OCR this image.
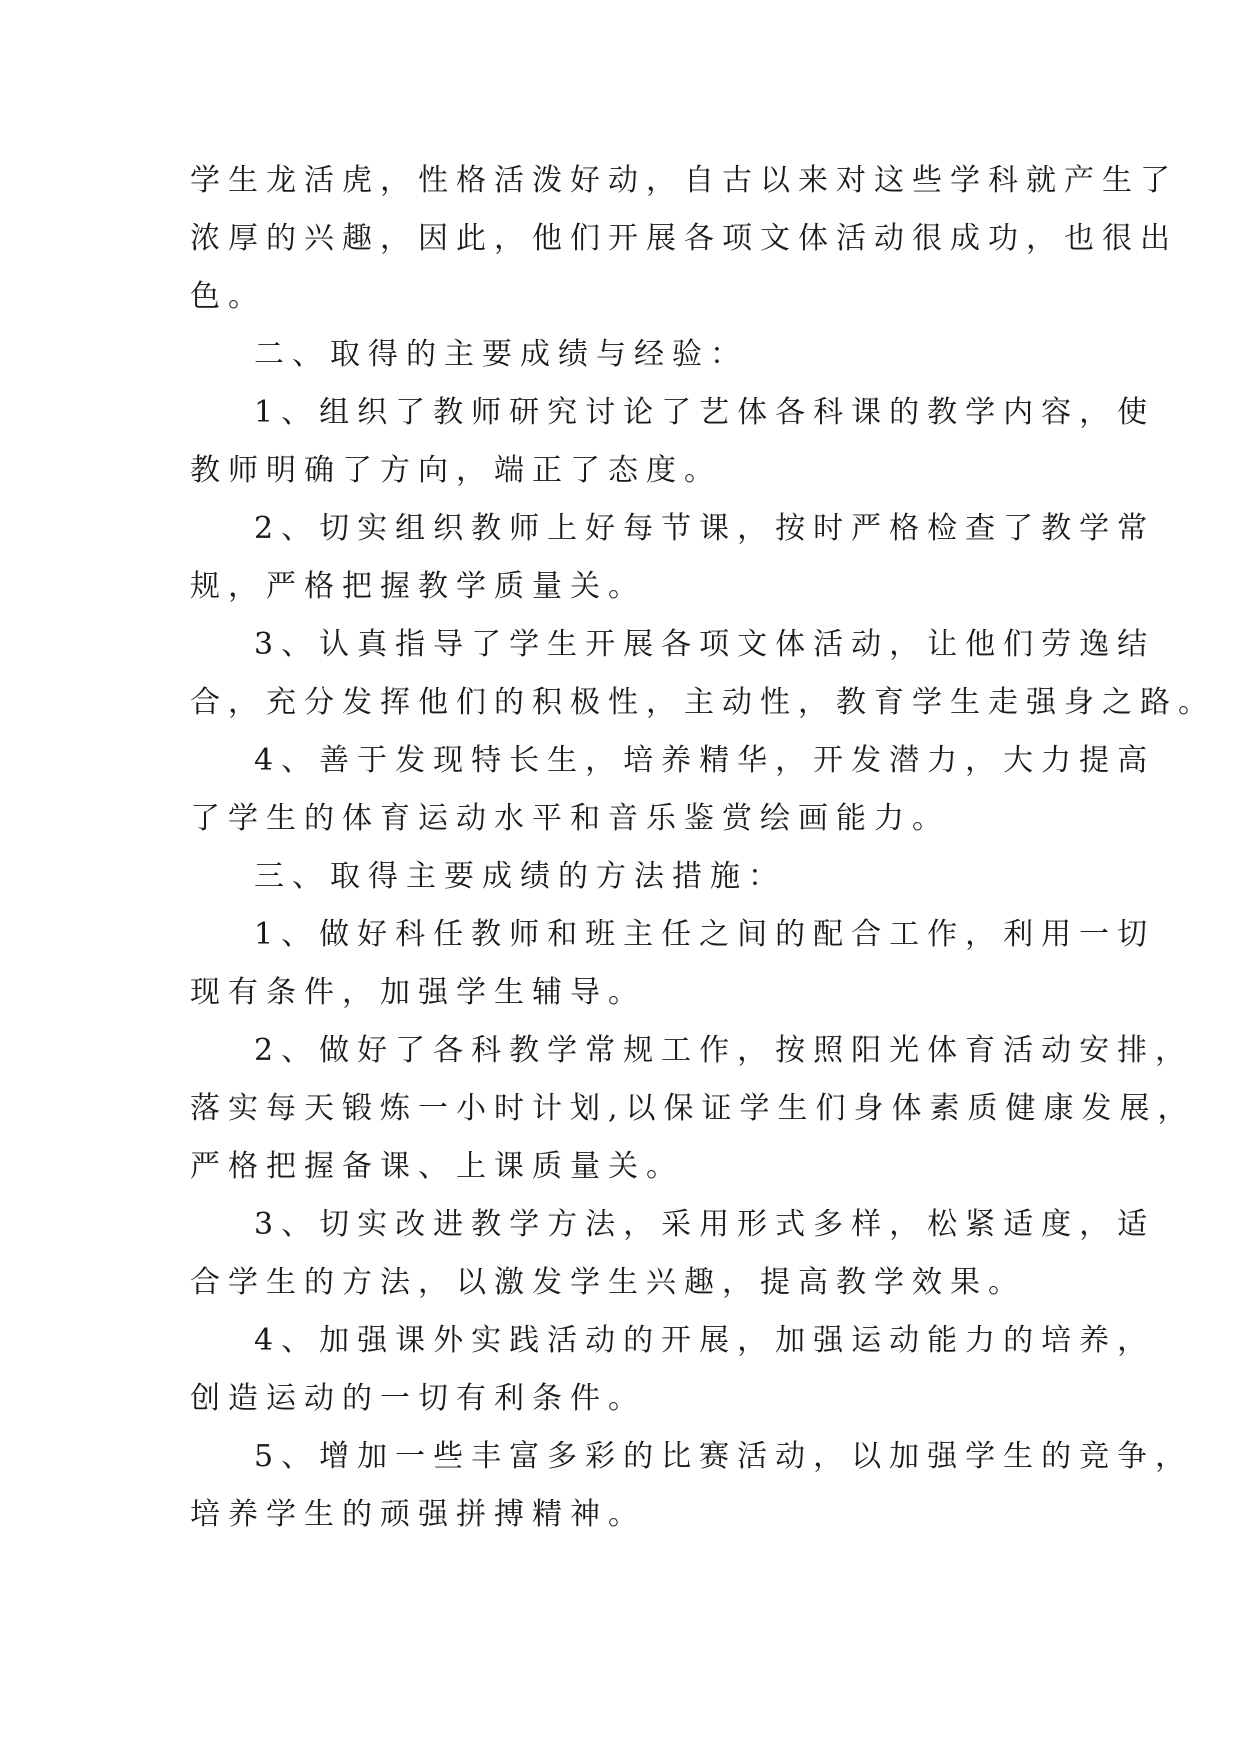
学生龙活虎，性格活泼好动，自古以来对这些学科就产生了
浓厚的兴趣，因此，他们开展各项文体活动很成功，也很出
色。
二、取得的主要成绩与经验：
1、组织了教师研究讨论了艺体各科课的教学内容，使
教师明确了方向，端正了态度。
2、切实组织教师上好每节课，按时严格检查了教学常
规，严格把握教学质量关。
3、认真指导了学生开展各项文体活动，让他们劳逸结
合，充分发挥他们的积极性，主动性，教育学生走强身之路。
4、善于发现特长生，培养精华，开发潜力，大力提高
了学生的体育运动水平和音乐鉴赏绘画能力。
三、取得主要成绩的方法措施：
1、做好科任教师和班主任之间的配合工作，利用一切
现有条件，加强学生辅导。
2、做好了各科教学常规工作，按照阳光体育活动安排，
落实每天锻炼一小时计划,以保证学生们身体素质健康发展，
严格把握备课、上课质量关。
3、切实改进教学方法，采用形式多样，松紧适度，适
合学生的方法，以激发学生兴趣，提高教学效果。
4、加强课外实践活动的开展，加强运动能力的培养，
创造运动的一切有利条件。
5、增加一些丰富多彩的比赛活动，以加强学生的竞争，
培养学生的顽强拼搏精神。
